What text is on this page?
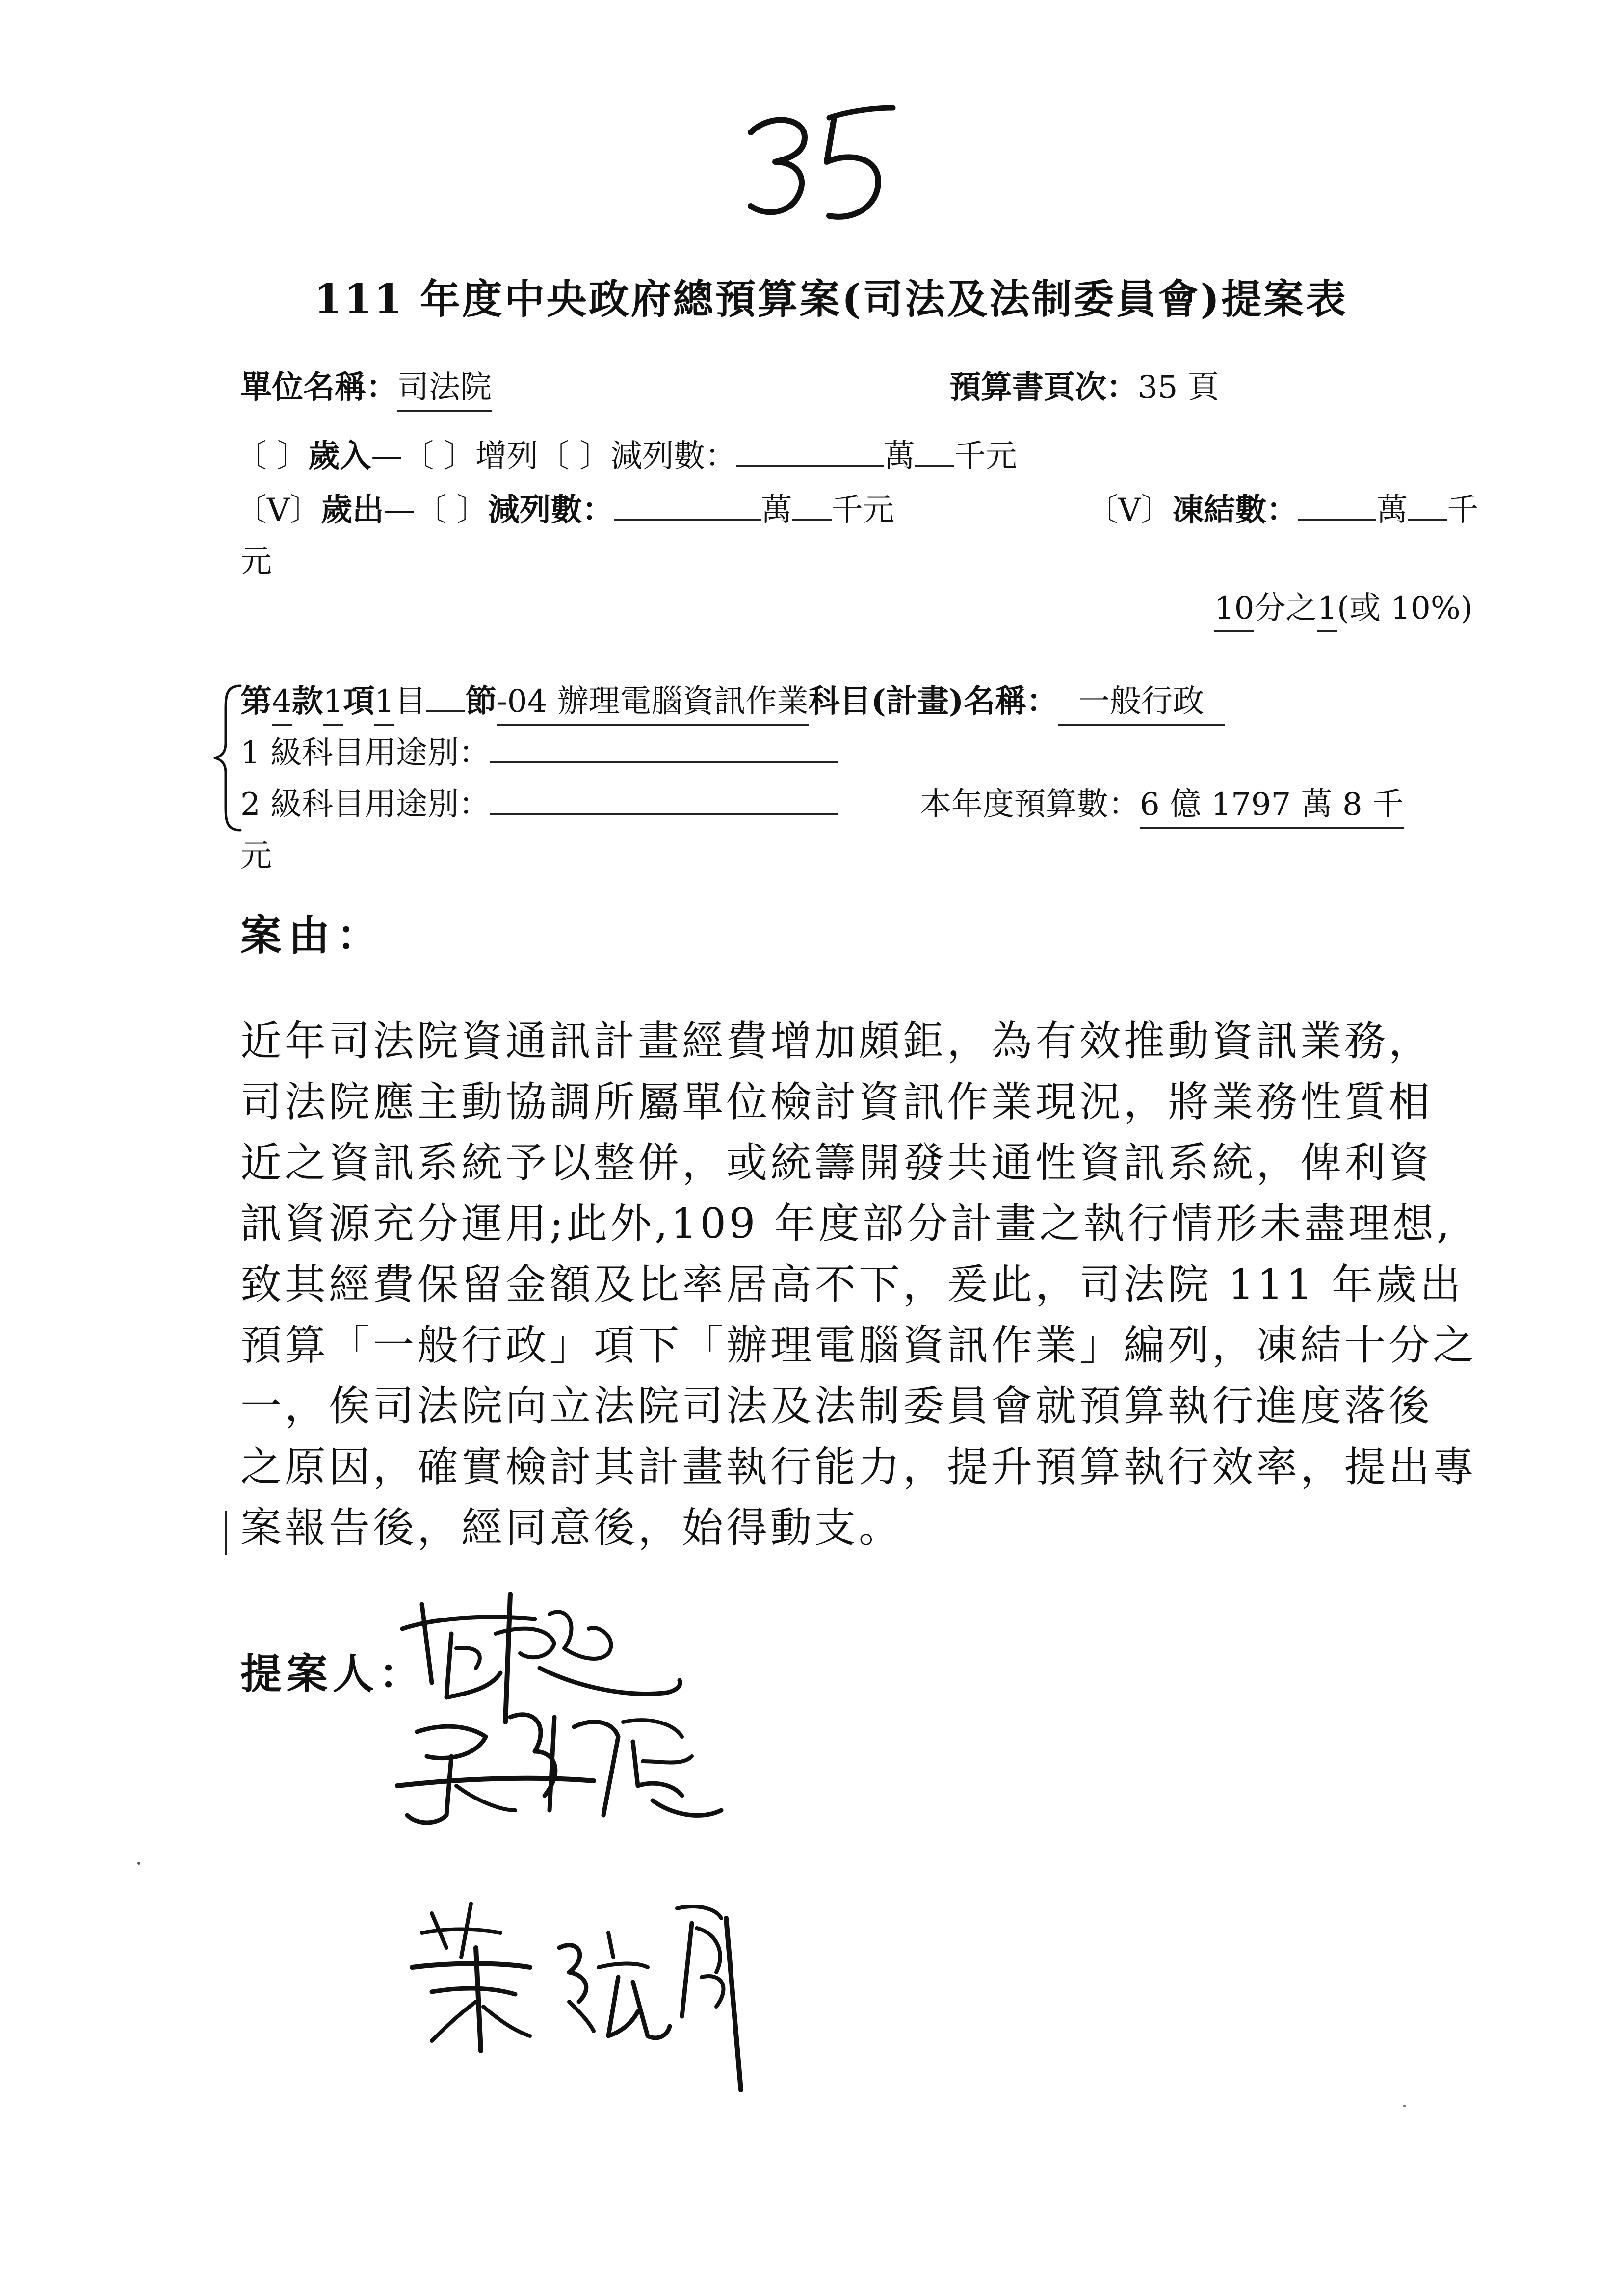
111 年度中央政府總預算案(司法及法制委員會)提案表
單位名稱：司法院	預算書頁次：35 頁
〔 〕歲入—〔 〕增列〔 〕減列數：	萬 千元
〔V〕歲出—〔 〕減列數：	萬 千元	〔V〕凍結數：	萬 千
元
10分之1(或 10%)
第4款1項1目 節-04 辦理電腦資訊作業科目(計畫)名稱： 一般行政
1 級科目用途別：
2 級科目用途別：	本年度預算數：6 億 1797 萬 8 千
元
案由：
近年司法院資通訊計畫經費增加頗鉅，為有效推動資訊業務，
司法院應主動協調所屬單位檢討資訊作業現況，將業務性質相
近之資訊系統予以整併，或統籌開發共通性資訊系統，俾利資
訊資源充分運用;此外,109 年度部分計畫之執行情形未盡理想,
致其經費保留金額及比率居高不下，爰此，司法院 111 年歲出
預算「一般行政」項下「辦理電腦資訊作業」編列，凍結十分之
一，俟司法院向立法院司法及法制委員會就預算執行進度落後
之原因，確實檢討其計畫執行能力，提升預算執行效率，提出專
案報告後，經同意後，始得動支。
提案人：
